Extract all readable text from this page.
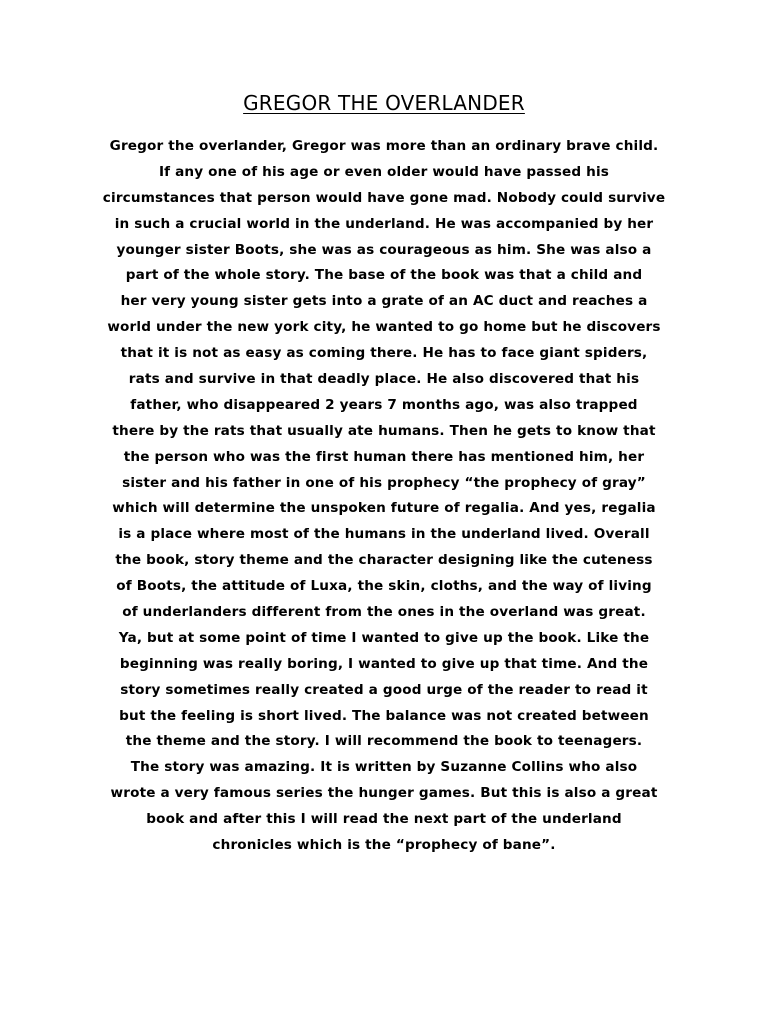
GREGOR THE OVERLANDER
Gregor the overlander, Gregor was more than an ordinary brave child.
If any one of his age or even older would have passed his
circumstances that person would have gone mad. Nobody could survive
in such a crucial world in the underland. He was accompanied by her
younger sister Boots, she was as courageous as him. She was also a
part of the whole story. The base of the book was that a child and
her very young sister gets into a grate of an AC duct and reaches a
world under the new york city, he wanted to go home but he discovers
that it is not as easy as coming there. He has to face giant spiders,
rats and survive in that deadly place. He also discovered that his
father, who disappeared 2 years 7 months ago, was also trapped
there by the rats that usually ate humans. Then he gets to know that
the person who was the first human there has mentioned him, her
sister and his father in one of his prophecy “the prophecy of gray”
which will determine the unspoken future of regalia. And yes, regalia
is a place where most of the humans in the underland lived. Overall
the book, story theme and the character designing like the cuteness
of Boots, the attitude of Luxa, the skin, cloths, and the way of living
of underlanders different from the ones in the overland was great.
Ya, but at some point of time I wanted to give up the book. Like the
beginning was really boring, I wanted to give up that time. And the
story sometimes really created a good urge of the reader to read it
but the feeling is short lived. The balance was not created between
the theme and the story. I will recommend the book to teenagers.
The story was amazing. It is written by Suzanne Collins who also
wrote a very famous series the hunger games. But this is also a great
book and after this I will read the next part of the underland
chronicles which is the “prophecy of bane”.
